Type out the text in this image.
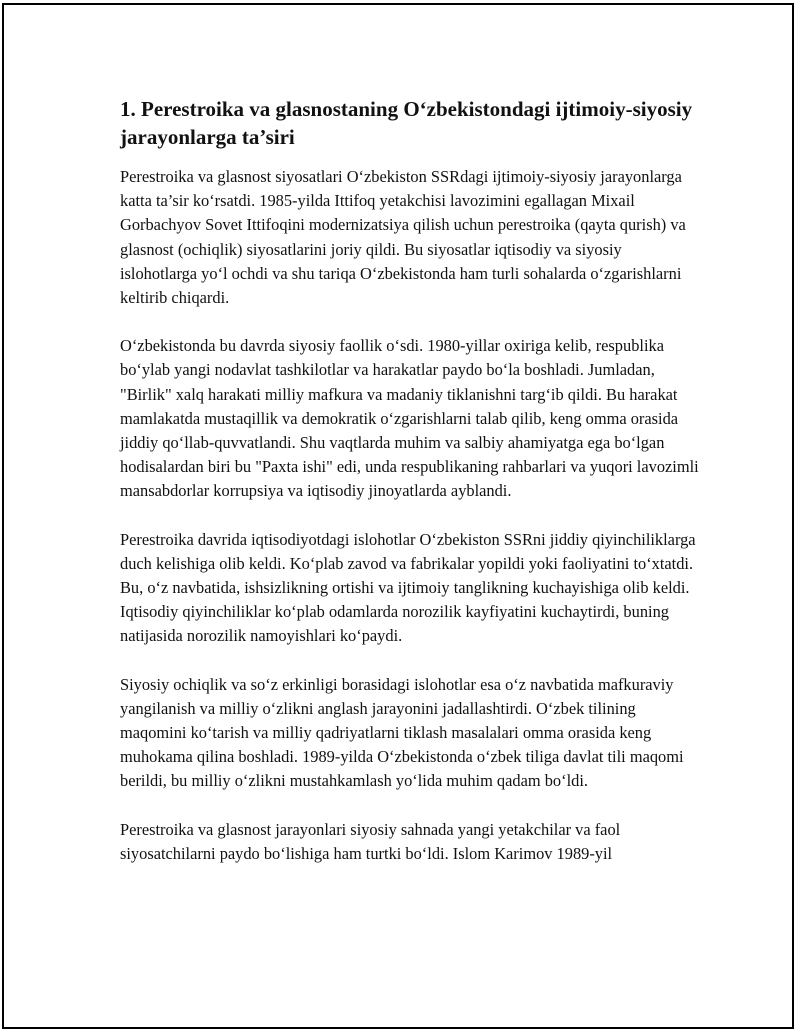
1. Perestroika va glasnostaning O‘zbekistondagi ijtimoiy-siyosiy jarayonlarga ta’siri

Perestroika va glasnost siyosatlari O‘zbekiston SSRdagi ijtimoiy-siyosiy jarayonlarga katta ta’sir ko‘rsatdi. 1985-yilda Ittifoq yetakchisi lavozimini egallagan Mixail Gorbachyov Sovet Ittifoqini modernizatsiya qilish uchun perestroika (qayta qurish) va glasnost (ochiqlik) siyosatlarini joriy qildi. Bu siyosatlar iqtisodiy va siyosiy islohotlarga yo‘l ochdi va shu tariqa O‘zbekistonda ham turli sohalarda o‘zgarishlarni keltirib chiqardi.

O‘zbekistonda bu davrda siyosiy faollik o‘sdi. 1980-yillar oxiriga kelib, respublika bo‘ylab yangi nodavlat tashkilotlar va harakatlar paydo bo‘la boshladi. Jumladan, "Birlik" xalq harakati milliy mafkura va madaniy tiklanishni targ‘ib qildi. Bu harakat mamlakatda mustaqillik va demokratik o‘zgarishlarni talab qilib, keng omma orasida jiddiy qo‘llab-quvvatlandi. Shu vaqtlarda muhim va salbiy ahamiyatga ega bo‘lgan hodisalardan biri bu "Paxta ishi" edi, unda respublikaning rahbarlari va yuqori lavozimli mansabdorlar korrupsiya va iqtisodiy jinoyatlarda ayblandi.

Perestroika davrida iqtisodiyotdagi islohotlar O‘zbekiston SSRni jiddiy qiyinchiliklarga duch kelishiga olib keldi. Ko‘plab zavod va fabrikalar yopildi yoki faoliyatini to‘xtatdi. Bu, o‘z navbatida, ishsizlikning ortishi va ijtimoiy tanglikning kuchayishiga olib keldi. Iqtisodiy qiyinchiliklar ko‘plab odamlarda norozilik kayfiyatini kuchaytirdi, buning natijasida norozilik namoyishlari ko‘paydi.

Siyosiy ochiqlik va so‘z erkinligi borasidagi islohotlar esa o‘z navbatida mafkuraviy yangilanish va milliy o‘zlikni anglash jarayonini jadallashtirdi. O‘zbek tilining maqomini ko‘tarish va milliy qadriyatlarni tiklash masalalari omma orasida keng muhokama qilina boshladi. 1989-yilda O‘zbekistonda o‘zbek tiliga davlat tili maqomi berildi, bu milliy o‘zlikni mustahkamlash yo‘lida muhim qadam bo‘ldi.

Perestroika va glasnost jarayonlari siyosiy sahnada yangi yetakchilar va faol siyosatchilarni paydo bo‘lishiga ham turtki bo‘ldi. Islom Karimov 1989-yil
